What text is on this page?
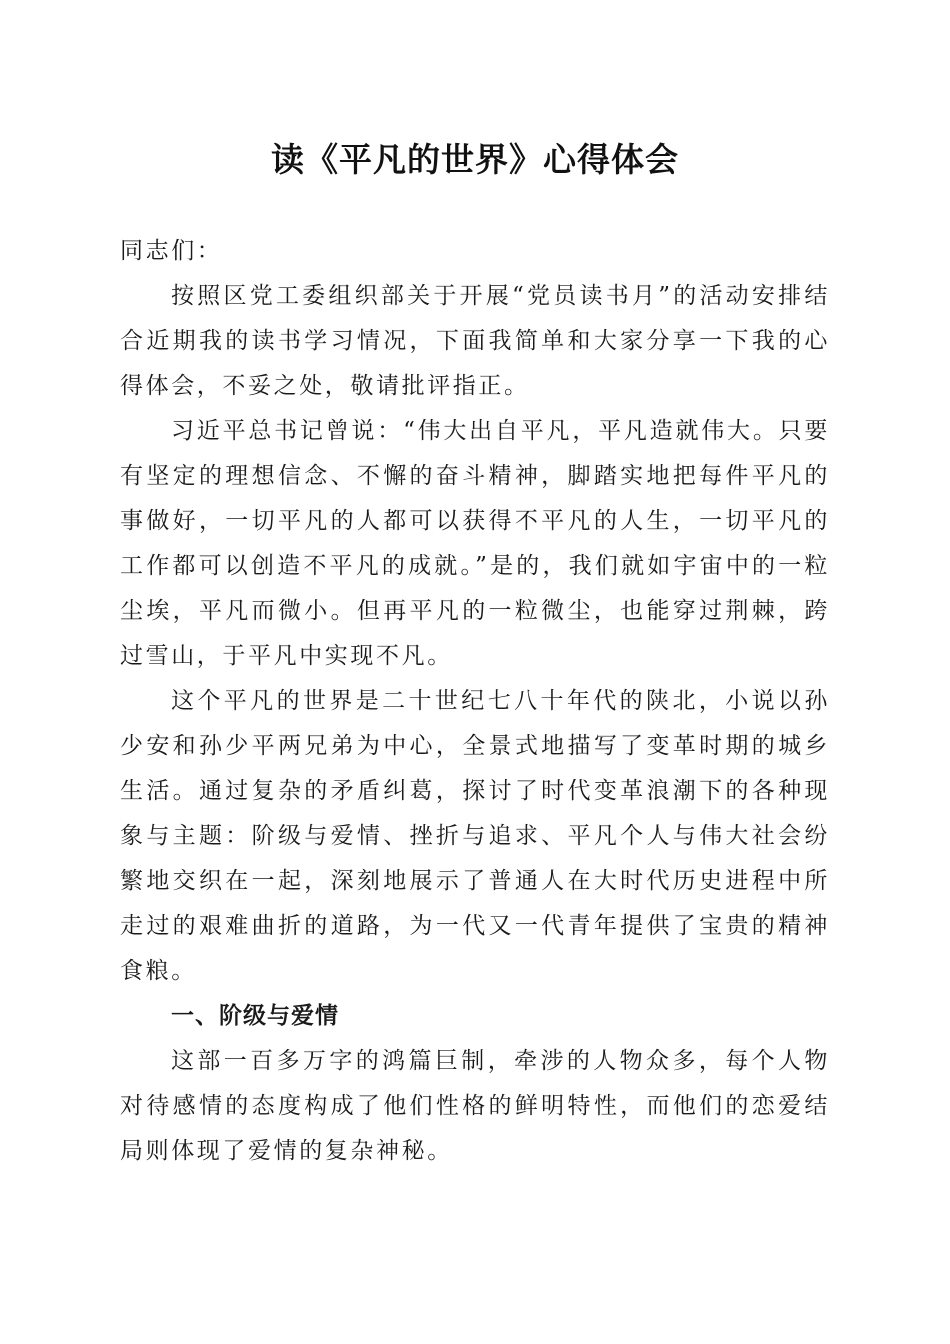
读《平凡的世界》心得体会

同志们：

按照区党工委组织部关于开展“党员读书月”的活动安排结合近期我的读书学习情况，下面我简单和大家分享一下我的心得体会，不妥之处，敬请批评指正。

习近平总书记曾说：“伟大出自平凡，平凡造就伟大。只要有坚定的理想信念、不懈的奋斗精神，脚踏实地把每件平凡的事做好，一切平凡的人都可以获得不平凡的人生，一切平凡的工作都可以创造不平凡的成就。”是的，我们就如宇宙中的一粒尘埃，平凡而微小。但再平凡的一粒微尘，也能穿过荆棘，跨过雪山，于平凡中实现不凡。

这个平凡的世界是二十世纪七八十年代的陕北，小说以孙少安和孙少平两兄弟为中心，全景式地描写了变革时期的城乡生活。通过复杂的矛盾纠葛，探讨了时代变革浪潮下的各种现象与主题：阶级与爱情、挫折与追求、平凡个人与伟大社会纷繁地交织在一起，深刻地展示了普通人在大时代历史进程中所走过的艰难曲折的道路，为一代又一代青年提供了宝贵的精神食粮。

一、阶级与爱情

这部一百多万字的鸿篇巨制，牵涉的人物众多，每个人物对待感情的态度构成了他们性格的鲜明特性，而他们的恋爱结局则体现了爱情的复杂神秘。
